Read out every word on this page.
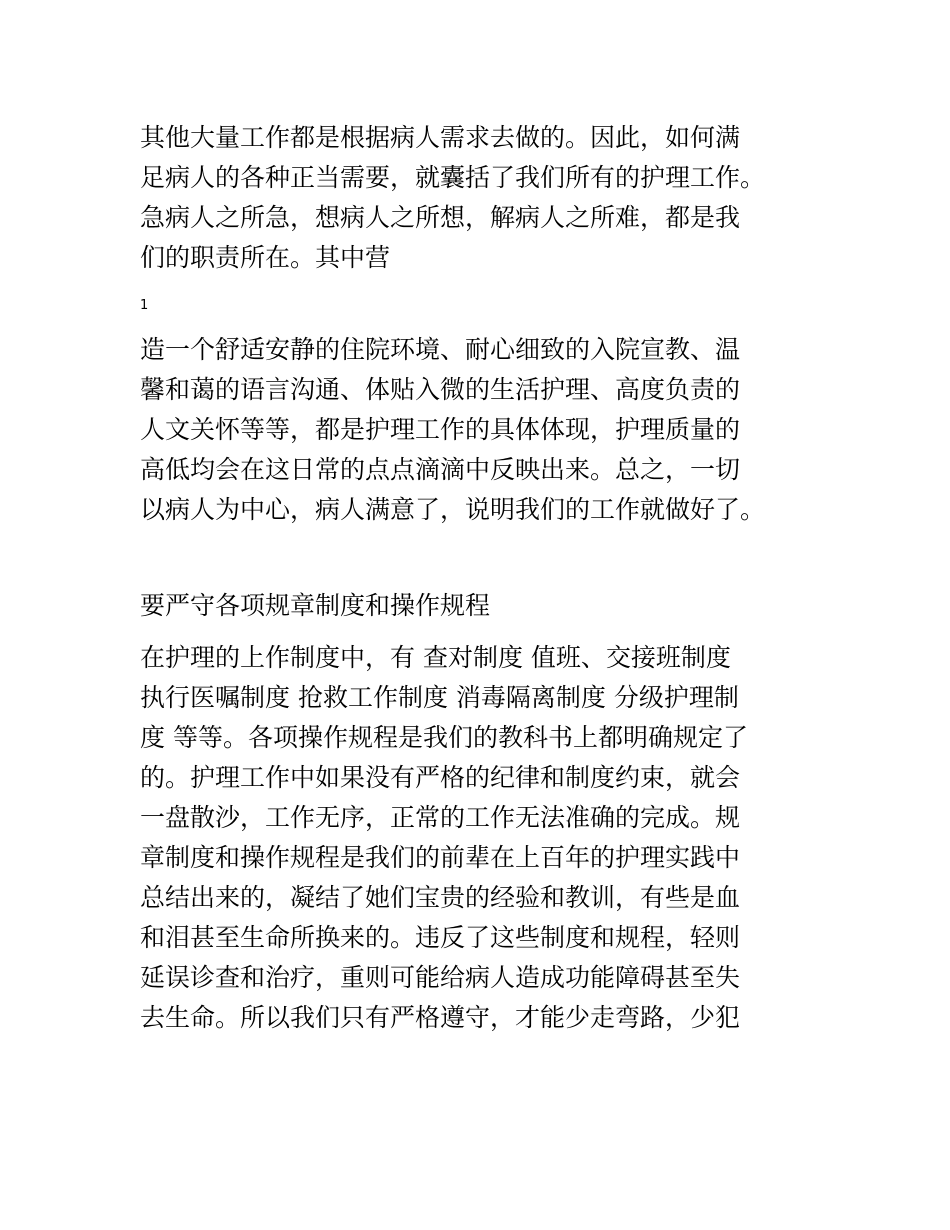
其他大量工作都是根据病人需求去做的。因此，如何满
足病人的各种正当需要，就囊括了我们所有的护理工作。
急病人之所急，想病人之所想，解病人之所难，都是我
们的职责所在。其中营

1

造一个舒适安静的住院环境、耐心细致的入院宣教、温
馨和蔼的语言沟通、体贴入微的生活护理、高度负责的
人文关怀等等，都是护理工作的具体体现，护理质量的
高低均会在这日常的点点滴滴中反映出来。总之，一切
以病人为中心，病人满意了，说明我们的工作就做好了。

要严守各项规章制度和操作规程

在护理的上作制度中，有 查对制度 值班、交接班制度
执行医嘱制度 抢救工作制度 消毒隔离制度 分级护理制
度 等等。各项操作规程是我们的教科书上都明确规定了
的。护理工作中如果没有严格的纪律和制度约束，就会
一盘散沙，工作无序，正常的工作无法准确的完成。规
章制度和操作规程是我们的前辈在上百年的护理实践中
总结出来的，凝结了她们宝贵的经验和教训，有些是血
和泪甚至生命所换来的。违反了这些制度和规程，轻则
延误诊查和治疗，重则可能给病人造成功能障碍甚至失
去生命。所以我们只有严格遵守，才能少走弯路，少犯
